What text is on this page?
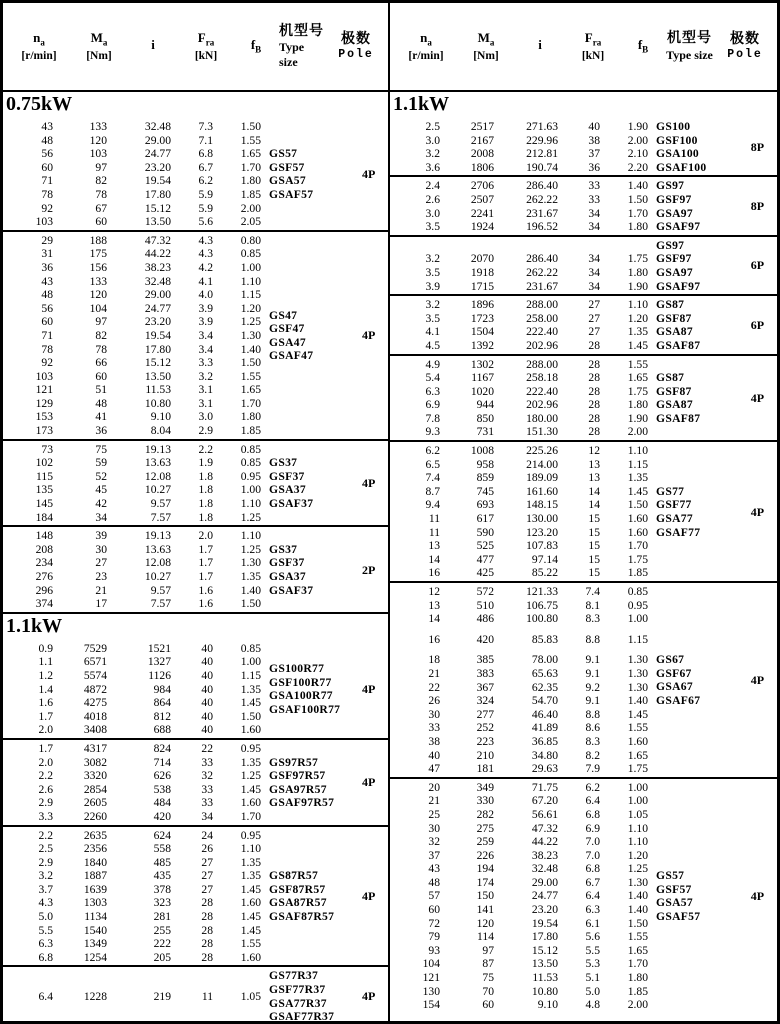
$n_a$
[r/min]
$M_a$
[Nm]
i	$F_{ra}$
[kN]
$f_B$
机型号
Type size
极数
Pole
0.75kW
43	133	32.48	7.3	1.50
48	120	29.00	7.1	1.55
56	103	24.77	6.8	1.65
60	97	23.20	6.7	1.70
71	82	19.54	6.2	1.80
78	78	17.80	5.9	1.85
92	67	15.12	5.9	2.00
103	60	13.50	5.6	2.05
GS57
GSF57
GSA57
GSAF57
4P
29	188	47.32	4.3	0.80
31	175	44.22	4.3	0.85
36	156	38.23	4.2	1.00
43	133	32.48	4.1	1.10
48	120	29.00	4.0	1.15
56	104	24.77	3.9	1.20
60	97	23.20	3.9	1.25
71	82	19.54	3.4	1.30
78	78	17.80	3.4	1.40
92	66	15.12	3.3	1.50
103	60	13.50	3.2	1.55
121	51	11.53	3.1	1.65
129	48	10.80	3.1	1.70
153	41	9.10	3.0	1.80
173	36	8.04	2.9	1.85
GS47
GSF47
GSA47
GSAF47
4P
73	75	19.13	2.2	0.85
102	59	13.63	1.9	0.85
115	52	12.08	1.8	0.95
135	45	10.27	1.8	1.00
145	42	9.57	1.8	1.10
184	34	7.57	1.8	1.25
GS37
GSF37
GSA37
GSAF37
4P
148	39	19.13	2.0	1.10
208	30	13.63	1.7	1.25
234	27	12.08	1.7	1.30
276	23	10.27	1.7	1.35
296	21	9.57	1.6	1.40
374	17	7.57	1.6	1.50
GS37
GSF37
GSA37
GSAF37
2P
1.1kW
0.9	7529	1521	40	0.85
1.1	6571	1327	40	1.00
1.2	5574	1126	40	1.15
1.4	4872	984	40	1.35
1.6	4275	864	40	1.45
1.7	4018	812	40	1.50
2.0	3408	688	40	1.60
GS100R77
GSF100R77
GSA100R77
GSAF100R77
4P
1.7	4317	824	22	0.95
2.0	3082	714	33	1.35
2.2	3320	626	32	1.25
2.6	2854	538	33	1.45
2.9	2605	484	33	1.60
3.3	2260	420	34	1.70
GS97R57
GSF97R57
GSA97R57
GSAF97R57
4P
2.2	2635	624	24	0.95
2.5	2356	558	26	1.10
2.9	1840	485	27	1.35
3.2	1887	435	27	1.35
3.7	1639	378	27	1.45
4.3	1303	323	28	1.60
5.0	1134	281	28	1.45
5.5	1540	255	28	1.45
6.3	1349	222	28	1.55
6.8	1254	205	28	1.60
GS87R57
GSF87R57
GSA87R57
GSAF87R57
4P
6.4	1228	219	11	1.05
GS77R37
GSF77R37
GSA77R37
GSAF77R37
4P
$n_a$
[r/min]
$M_a$
[Nm]
i	$F_{ra}$
[kN]
$f_B$
机型号
Type size
极数
Pole
1.1kW
2.5	2517	271.63	40	1.90
3.0	2167	229.96	38	2.00
3.2	2008	212.81	37	2.10
3.6	1806	190.74	36	2.20
GS100
GSF100
GSA100
GSAF100
8P
2.4	2706	286.40	33	1.40
2.6	2507	262.22	33	1.50
3.0	2241	231.67	34	1.70
3.5	1924	196.52	34	1.80
GS97
GSF97
GSA97
GSAF97
8P
3.2	2070	286.40	34	1.75
3.5	1918	262.22	34	1.80
3.9	1715	231.67	34	1.90
GS97
GSF97
GSA97
GSAF97
6P
3.2	1896	288.00	27	1.10
3.5	1723	258.00	27	1.20
4.1	1504	222.40	27	1.35
4.5	1392	202.96	28	1.45
GS87
GSF87
GSA87
GSAF87
6P
4.9	1302	288.00	28	1.55
5.4	1167	258.18	28	1.65
6.3	1020	222.40	28	1.75
6.9	944	202.96	28	1.80
7.8	850	180.00	28	1.90
9.3	731	151.30	28	2.00
GS87
GSF87
GSA87
GSAF87
4P
6.2	1008	225.26	12	1.10
6.5	958	214.00	13	1.15
7.4	859	189.09	13	1.35
8.7	745	161.60	14	1.45
9.4	693	148.15	14	1.50
11	617	130.00	15	1.60
11	590	123.20	15	1.60
13	525	107.83	15	1.70
14	477	97.14	15	1.75
16	425	85.22	15	1.85
GS77
GSF77
GSA77
GSAF77
4P
12	572	121.33	7.4	0.85
13	510	106.75	8.1	0.95
14	486	100.80	8.3	1.00
16	420	85.83	8.8	1.15
18	385	78.00	9.1	1.30
21	383	65.63	9.1	1.30
22	367	62.35	9.2	1.30
26	324	54.70	9.1	1.40
30	277	46.40	8.8	1.45
33	252	41.89	8.6	1.55
38	223	36.85	8.3	1.60
40	210	34.80	8.2	1.65
47	181	29.63	7.9	1.75
GS67
GSF67
GSA67
GSAF67
4P
20	349	71.75	6.2	1.00
21	330	67.20	6.4	1.00
25	282	56.61	6.8	1.05
30	275	47.32	6.9	1.10
32	259	44.22	7.0	1.10
37	226	38.23	7.0	1.20
43	194	32.48	6.8	1.25
48	174	29.00	6.7	1.30
57	150	24.77	6.4	1.40
60	141	23.20	6.3	1.40
72	120	19.54	6.1	1.50
79	114	17.80	5.6	1.55
93	97	15.12	5.5	1.65
104	87	13.50	5.3	1.70
121	75	11.53	5.1	1.80
130	70	10.80	5.0	1.85
154	60	9.10	4.8	2.00
GS57
GSF57
GSA57
GSAF57
4P
